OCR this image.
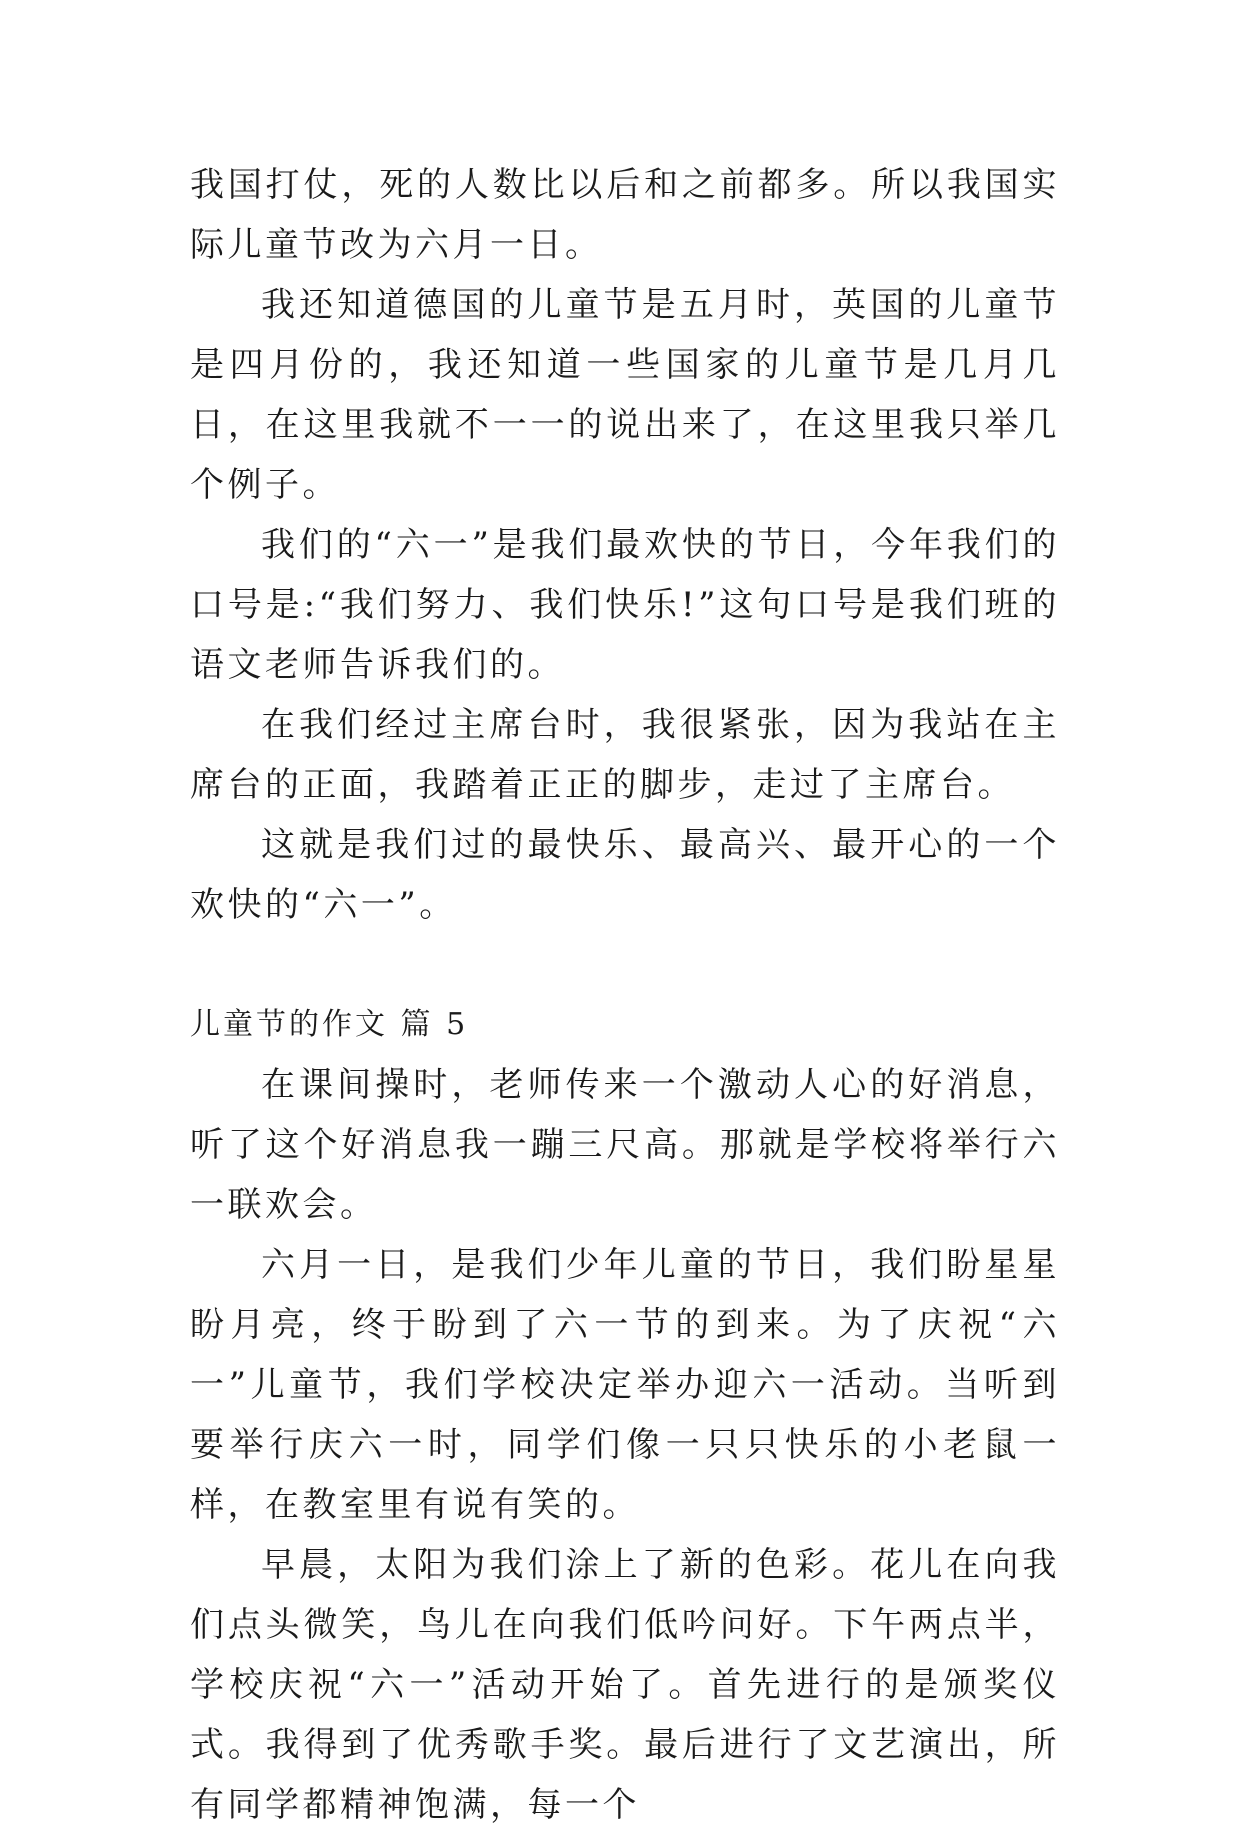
我国打仗，死的人数比以后和之前都多。所以我国实际儿童节改为六月一日。

我还知道德国的儿童节是五月时，英国的儿童节是四月份的，我还知道一些国家的儿童节是几月几日，在这里我就不一一的说出来了，在这里我只举几个例子。

我们的“六一”是我们最欢快的节日，今年我们的口号是:“我们努力、我们快乐!”这句口号是我们班的语文老师告诉我们的。

在我们经过主席台时，我很紧张，因为我站在主席台的正面，我踏着正正的脚步，走过了主席台。

这就是我们过的最快乐、最高兴、最开心的一个欢快的“六一”。

儿童节的作文 篇 5

在课间操时，老师传来一个激动人心的好消息，听了这个好消息我一蹦三尺高。那就是学校将举行六一联欢会。

六月一日，是我们少年儿童的节日，我们盼星星盼月亮，终于盼到了六一节的到来。为了庆祝“六一”儿童节，我们学校决定举办迎六一活动。当听到要举行庆六一时，同学们像一只只快乐的小老鼠一样，在教室里有说有笑的。

早晨，太阳为我们涂上了新的色彩。花儿在向我们点头微笑，鸟儿在向我们低吟问好。下午两点半，学校庆祝“六一”活动开始了。首先进行的是颁奖仪式。我得到了优秀歌手奖。最后进行了文艺演出，所有同学都精神饱满，每一个
